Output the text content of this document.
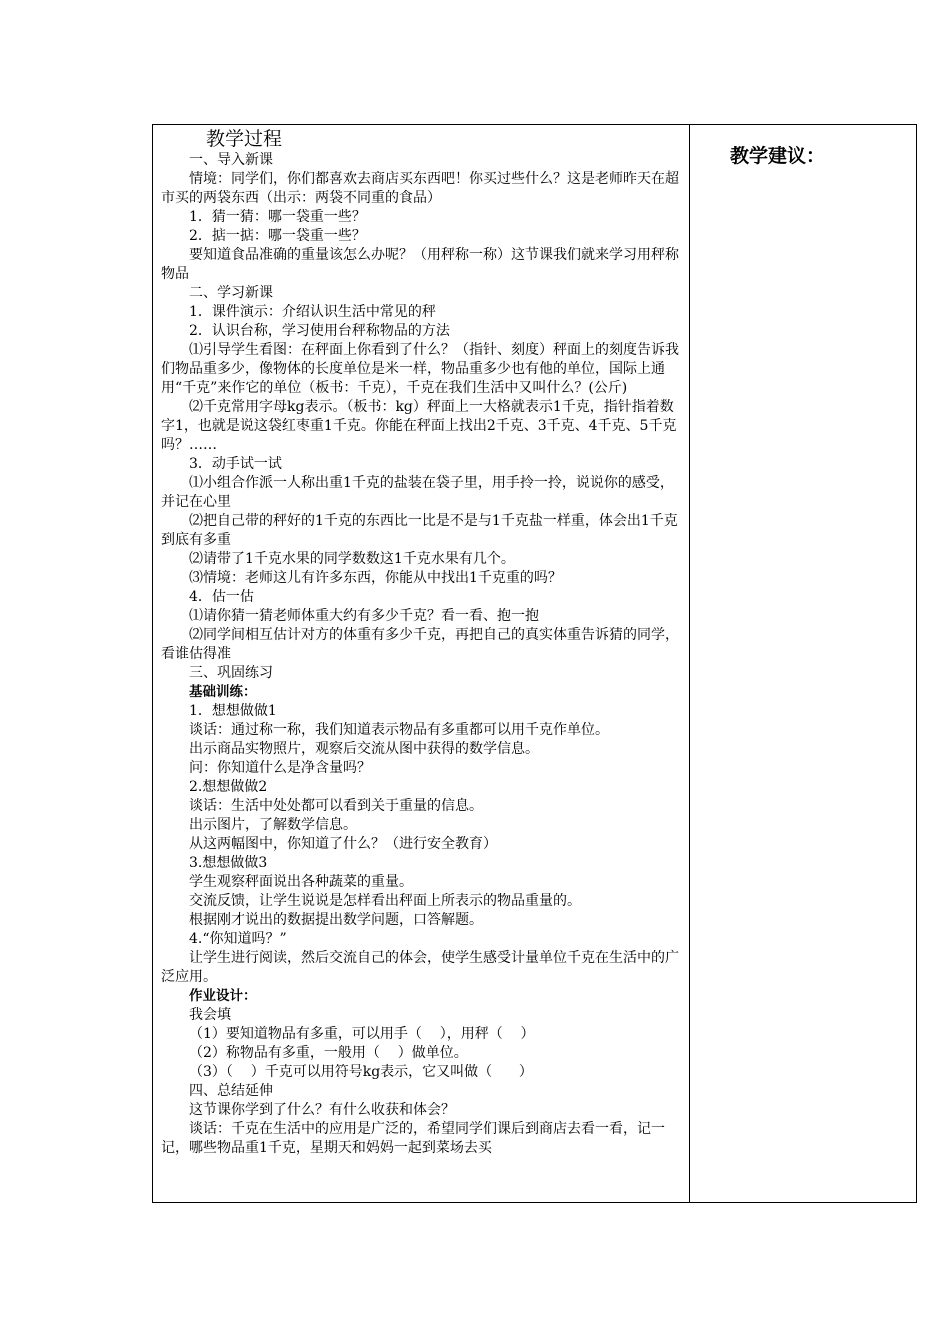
教学过程

一、导入新课

情境：同学们，你们都喜欢去商店买东西吧！你买过些什么？这是老师昨天在超市买的两袋东西（出示：两袋不同重的食品）

1．猜一猜：哪一袋重一些？

2．掂一掂：哪一袋重一些？

要知道食品准确的重量该怎么办呢？（用秤称一称）这节课我们就来学习用秤称物品

二、学习新课

1．课件演示：介绍认识生活中常见的秤

2．认识台称，学习使用台秤称物品的方法

⑴引导学生看图：在秤面上你看到了什么？（指针、刻度）秤面上的刻度告诉我们物品重多少，像物体的长度单位是米一样，物品重多少也有他的单位，国际上通用“千克”来作它的单位（板书：千克），千克在我们生活中又叫什么？(公斤)

⑵千克常用字母kg表示。（板书：kg）秤面上一大格就表示1千克，指针指着数字1，也就是说这袋红枣重1千克。你能在秤面上找出2千克、3千克、4千克、5千克吗？……

3．动手试一试

⑴小组合作派一人称出重1千克的盐装在袋子里，用手拎一拎，说说你的感受，并记在心里

⑵把自己带的秤好的1千克的东西比一比是不是与1千克盐一样重，体会出1千克到底有多重

⑵请带了1千克水果的同学数数这1千克水果有几个。

⑶情境：老师这儿有许多东西，你能从中找出1千克重的吗？

4．估一估

⑴请你猜一猜老师体重大约有多少千克？看一看、抱一抱

⑵同学间相互估计对方的体重有多少千克，再把自己的真实体重告诉猜的同学，看谁估得准

三、巩固练习

基础训练：

1．想想做做1

谈话：通过称一称，我们知道表示物品有多重都可以用千克作单位。

出示商品实物照片，观察后交流从图中获得的数学信息。

问：你知道什么是净含量吗？

2.想想做做2

谈话：生活中处处都可以看到关于重量的信息。

出示图片，了解数学信息。

从这两幅图中，你知道了什么？（进行安全教育）

3.想想做做3

学生观察秤面说出各种蔬菜的重量。

交流反馈，让学生说说是怎样看出秤面上所表示的物品重量的。

根据刚才说出的数据提出数学问题，口答解题。

4.“你知道吗？”

让学生进行阅读，然后交流自己的体会，使学生感受计量单位千克在生活中的广泛应用。

作业设计：

我会填

（1）要知道物品有多重，可以用手（    ），用秤（    ）

（2）称物品有多重，一般用（    ）做单位。

（3）（    ）千克可以用符号kg表示，它又叫做（      ）

四、总结延伸

这节课你学到了什么？有什么收获和体会？

谈话：千克在生活中的应用是广泛的，希望同学们课后到商店去看一看，记一记，哪些物品重1千克，星期天和妈妈一起到菜场去买

教学建议：
